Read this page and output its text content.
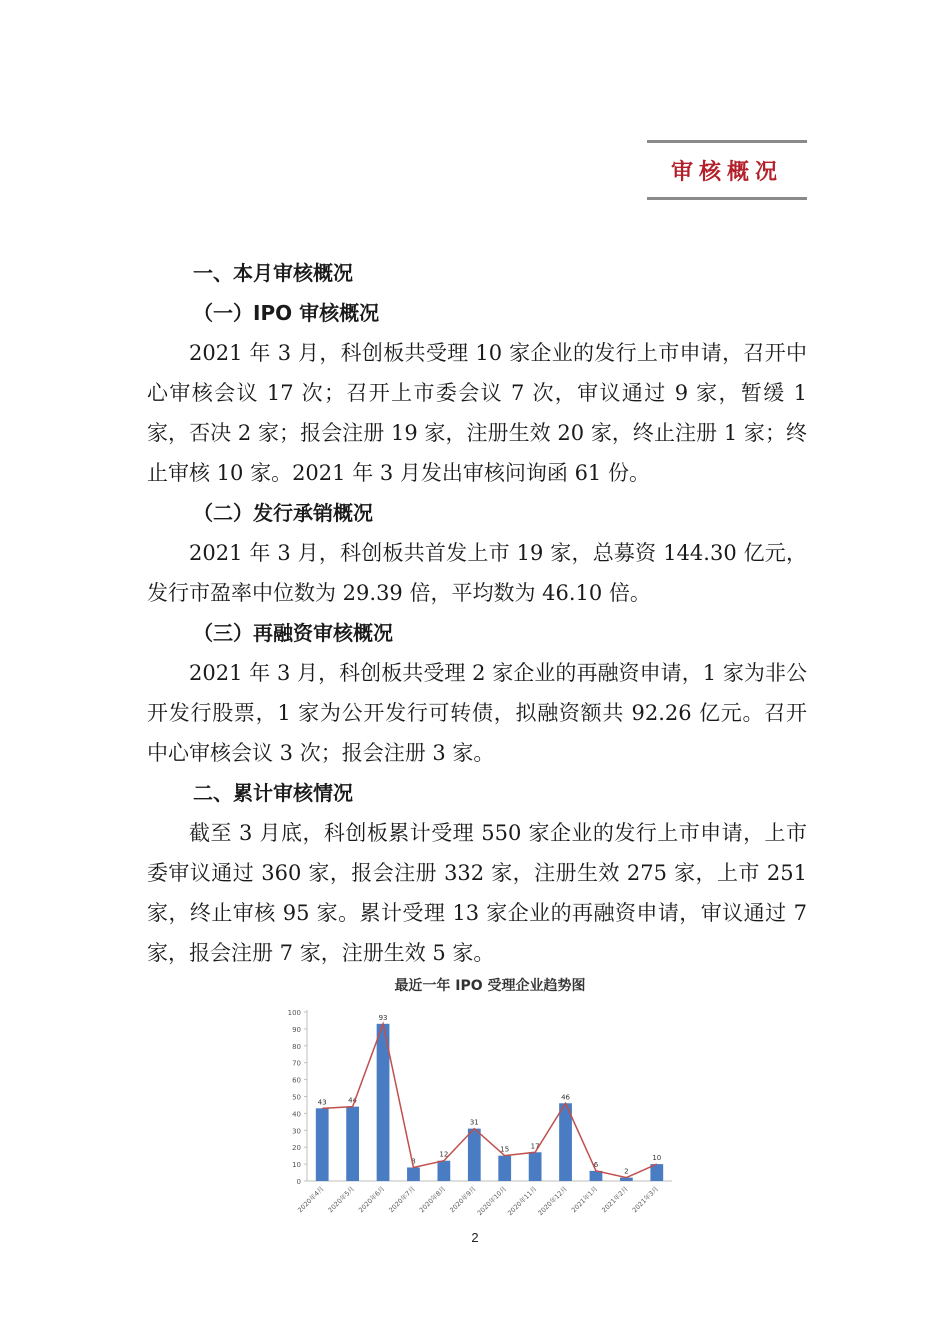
审核概况
一、本月审核概况
（一）IPO 审核概况

2021 年 3 月，科创板共受理 10 家企业的发行上市申请，召开中心审核会议 17 次；召开上市委会议 7 次，审议通过 9 家，暂缓 1 家，否决 2 家；报会注册 19 家，注册生效 20 家，终止注册 1 家；终止审核 10 家。2021 年 3 月发出审核问询函 61 份。

（二）发行承销概况

2021 年 3 月，科创板共首发上市 19 家，总募资 144.30 亿元，发行市盈率中位数为 29.39 倍，平均数为 46.10 倍。

（三）再融资审核概况

2021 年 3 月，科创板共受理 2 家企业的再融资申请，1 家为非公开发行股票，1 家为公开发行可转债，拟融资额共 92.26 亿元。召开中心审核会议 3 次；报会注册 3 家。

二、累计审核情况

截至 3 月底，科创板累计受理 550 家企业的发行上市申请，上市委审议通过 360 家，报会注册 332 家，注册生效 275 家，上市 251 家，终止审核 95 家。累计受理 13 家企业的再融资申请，审议通过 7 家，报会注册 7 家，注册生效 5 家。

最近一年 IPO 受理企业趋势图
0
10
20
30
40
50
60
70
80
90
100
43
2020年4月
44
2020年5月
93
2020年6月
8
2020年7月
12
2020年8月
31
2020年9月
15
2020年10月
17
2020年11月
46
2020年12月
6
2021年1月
2
2021年2月
10
2021年3月
2
